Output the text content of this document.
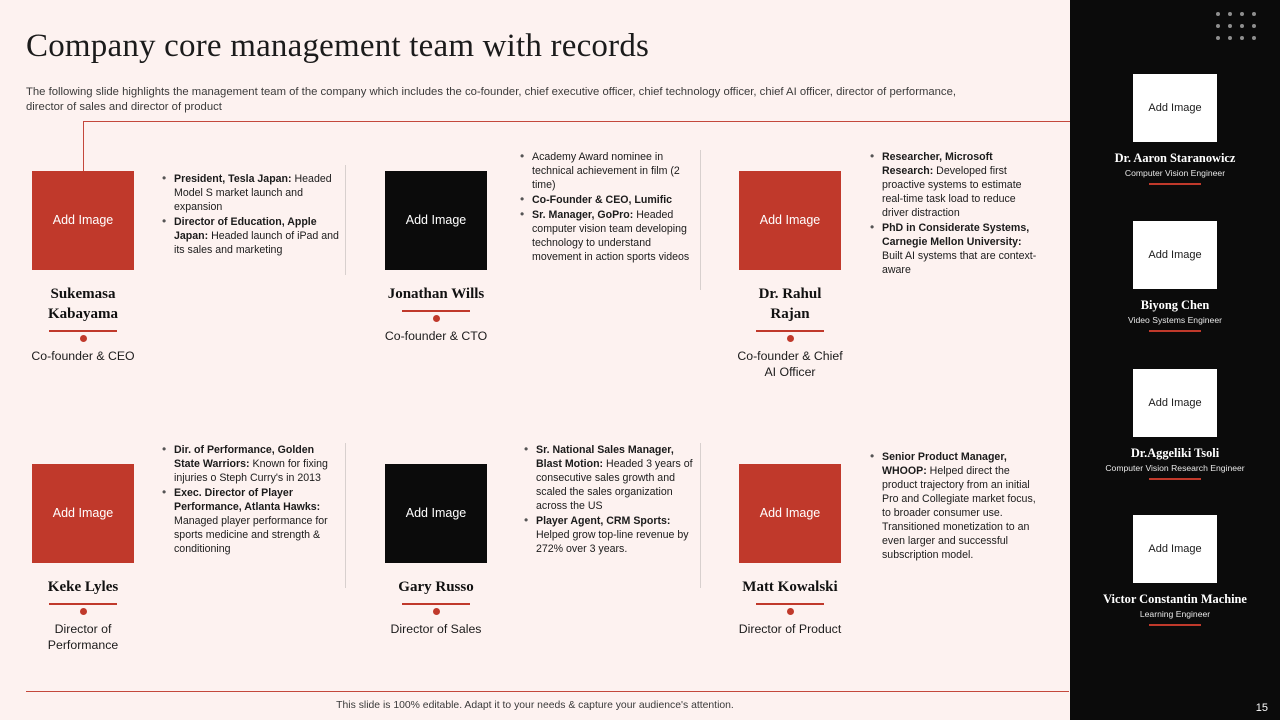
Company core management team with records
The following slide highlights the management team of the company which includes the co-founder, chief executive officer, chief technology officer, chief AI officer, director of performance, director of sales and director of product
Add Image
Sukemasa Kabayama
Co-founder & CEO
• President, Tesla Japan: Headed Model S market launch and expansion
• Director of Education, Apple Japan: Headed launch of iPad and its sales and marketing
Add Image
Jonathan Wills
Co-founder & CTO
• Academy Award nominee in technical achievement in film (2 time)
• Co-Founder & CEO, Lumific
• Sr. Manager, GoPro: Headed computer vision team developing technology to understand movement in action sports videos
Add Image
Dr. Rahul Rajan
Co-founder & Chief AI Officer
• Researcher, Microsoft Research: Developed first proactive systems to estimate real-time task load to reduce driver distraction
• PhD in Considerate Systems, Carnegie Mellon University: Built AI systems that are context-aware
Add Image
Keke Lyles
Director of Performance
• Dir. of Performance, Golden State Warriors: Known for fixing injuries o Steph Curry's in 2013
• Exec. Director of Player Performance, Atlanta Hawks: Managed player performance for sports medicine and strength & conditioning
Add Image
Gary Russo
Director of Sales
• Sr. National Sales Manager, Blast Motion: Headed 3 years of consecutive sales growth and scaled the sales organization across the US
• Player Agent, CRM Sports: Helped grow top-line revenue by 272% over 3 years.
Add Image
Matt Kowalski
Director of Product
• Senior Product Manager, WHOOP: Helped direct the product trajectory from an initial Pro and Collegiate market focus, to broader consumer use. Transitioned monetization to an even larger and successful subscription model.
This slide is 100% editable. Adapt it to your needs & capture your audience's attention.
Add Image
Dr. Aaron Staranowicz
Computer Vision Engineer
Add Image
Biyong Chen
Video Systems Engineer
Add Image
Dr.Aggeliki Tsoli
Computer Vision Research Engineer
Add Image
Victor Constantin Machine
Learning Engineer
15
